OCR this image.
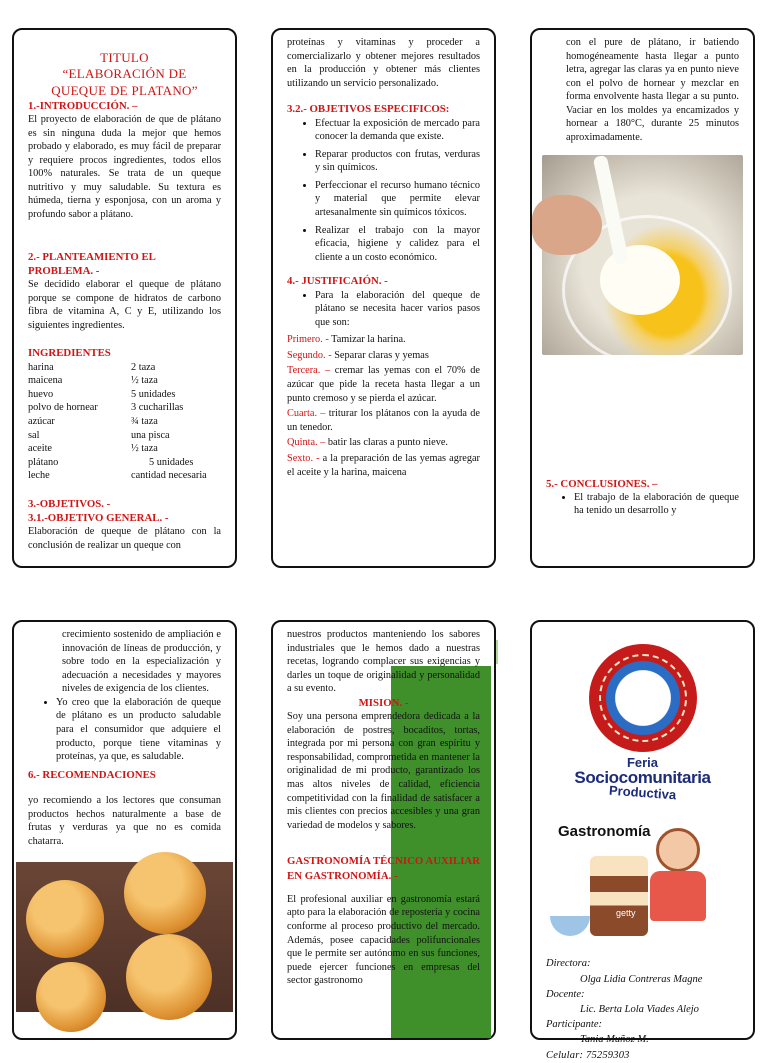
TITULO
“ELABORACIÓN DE
QUEQUE DE PLATANO”
1.-INTRODUCCIÓN. –

El proyecto de elaboración de que de plátano es sin ninguna duda la mejor que hemos probado y elaborado, es muy fácil de preparar y requiere procos ingredientes, todos ellos 100% naturales. Se trata de un queque nutritivo y muy saludable. Su textura es húmeda, tierna y esponjosa, con un aroma y profundo sabor a plátano.

2.- PLANTEAMIENTO EL PROBLEMA. -

Se decidido elaborar el queque de plátano porque se compone de hidratos de carbono fibra de vitamina A, C y E, utilizando los siguientes ingredientes.

INGREDIENTES
harina	2 taza
maicena	½ taza
huevo	5 unidades
polvo de hornear	3 cucharillas
azúcar	¾ taza
sal	una pisca
aceite	½ taza
plátano	5 unidades
leche	cantidad necesaria
3.-OBJETIVOS. -
3.1.-OBJETIVO GENERAL. -

Elaboración de queque de plátano con la conclusión de realizar un queque con

proteínas y vitaminas y proceder a comercializarlo y obtener mejores resultados en la producción y obtener más clientes utilizando un servicio personalizado.

3.2.- OBJETIVOS ESPECIFICOS:
• Efectuar la exposición de mercado para conocer la demanda que existe.
• Reparar productos con frutas, verduras y sin químicos.
• Perfeccionar el recurso humano técnico y material que permite elevar artesanalmente sin químicos tóxicos.
• Realizar el trabajo con la mayor eficacia, higiene y calidez para el cliente a un costo económico.
4.- JUSTIFICAIÓN. -
• Para la elaboración del queque de plátano se necesita hacer varios pasos que son:
Primero. - Tamizar la harina.
Segundo. - Separar claras y yemas
Tercera. – cremar las yemas con el 70% de azúcar que pide la receta hasta llegar a un punto cremoso y se pierda el azúcar.
Cuarta. – triturar los plátanos con la ayuda de un tenedor.
Quinta. – batir las claras a punto nieve.
Sexto. - a la preparación de las yemas agregar el aceite y la harina, maicena

con el pure de plátano, ir batiendo homogéneamente hasta llegar a punto letra, agregar las claras ya en punto nieve con el polvo de hornear y mezclar en forma envolvente hasta llegar a su punto. Vaciar en los moldes ya encamizados y hornear a 180°C, durante 25 minutos aproximadamente.

5.- CONCLUSIONES. –
• El trabajo de la elaboración de queque ha tenido un desarrollo y

crecimiento sostenido de ampliación e innovación de líneas de producción, y sobre todo en la especialización y adecuación a necesidades y mayores niveles de exigencia de los clientes.

• Yo creo que la elaboración de queque de plátano es un producto saludable para el consumidor que adquiere el producto, porque tiene vitaminas y proteínas, ya que, es saludable.
6.- RECOMENDACIONES

yo recomiendo a los lectores que consuman productos hechos naturalmente a base de frutas y verduras ya que no es comida chatarra.

nuestros productos manteniendo los sabores industriales que le hemos dado a nuestras recetas, logrando complacer sus exigencias y darles un toque de originalidad y personalidad a su evento.

MISION. -

Soy una persona emprendedora dedicada a la elaboración de postres, bocaditos, tortas, integrada por mi persona con gran espíritu y responsabilidad, comprometida en mantener la originalidad de mi producto, garantizado los mas altos niveles de calidad, eficiencia competitividad con la finalidad de satisfacer a mis clientes con precios accesibles y una gran variedad de modelos y sabores.

GASTRONOMÍA TÉCNICO AUXILIAR EN GASTRONOMÍA. -

El profesional auxiliar en gastronomía estará apto para la elaboración de repostería y cocina conforme al proceso productivo del mercado. Además, posee capacidades polifuncionales que le permite ser autónomo en sus funciones, puede ejercer funciones en empresas del sector gastronomo

Feria
Sociocomunitaria
Productiva
Gastronomía
getty
Directora:
Olga Lidia Contreras Magne
Docente:
Lic. Berta Lola Viades Alejo
Participante:
Tania Muñoz M.
Celular: 75259303
